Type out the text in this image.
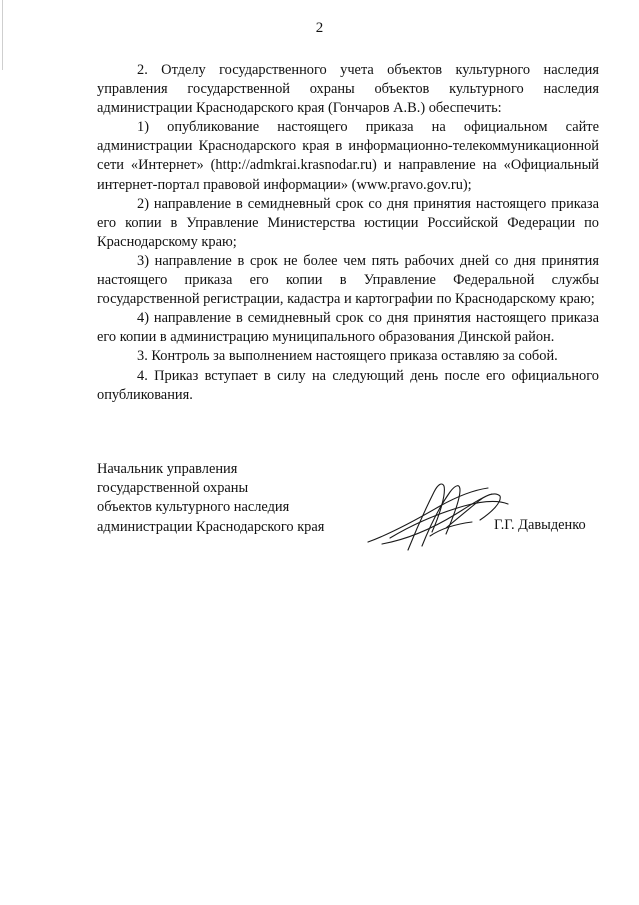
2

2. Отделу государственного учета объектов культурного наследия управления государственной охраны объектов культурного наследия администрации Краснодарского края (Гончаров А.В.) обеспечить:

1) опубликование настоящего приказа на официальном сайте администрации Краснодарского края в информационно-телекоммуникационной сети «Интернет» (http://admkrai.krasnodar.ru) и направление на «Официальный интернет-портал правовой информации» (www.pravo.gov.ru);

2) направление в семидневный срок со дня принятия настоящего приказа его копии в Управление Министерства юстиции Российской Федерации по Краснодарскому краю;

3) направление в срок не более чем пять рабочих дней со дня принятия настоящего приказа его копии в Управление Федеральной службы государственной регистрации, кадастра и картографии по Краснодарскому краю;

4) направление в семидневный срок со дня принятия настоящего приказа его копии в администрацию муниципального образования Динской район.

3. Контроль за выполнением настоящего приказа оставляю за собой.

4. Приказ вступает в силу на следующий день после его официального опубликования.

Начальник управления
государственной охраны
объектов культурного наследия
администрации Краснодарского края	Г.Г. Давыденко
